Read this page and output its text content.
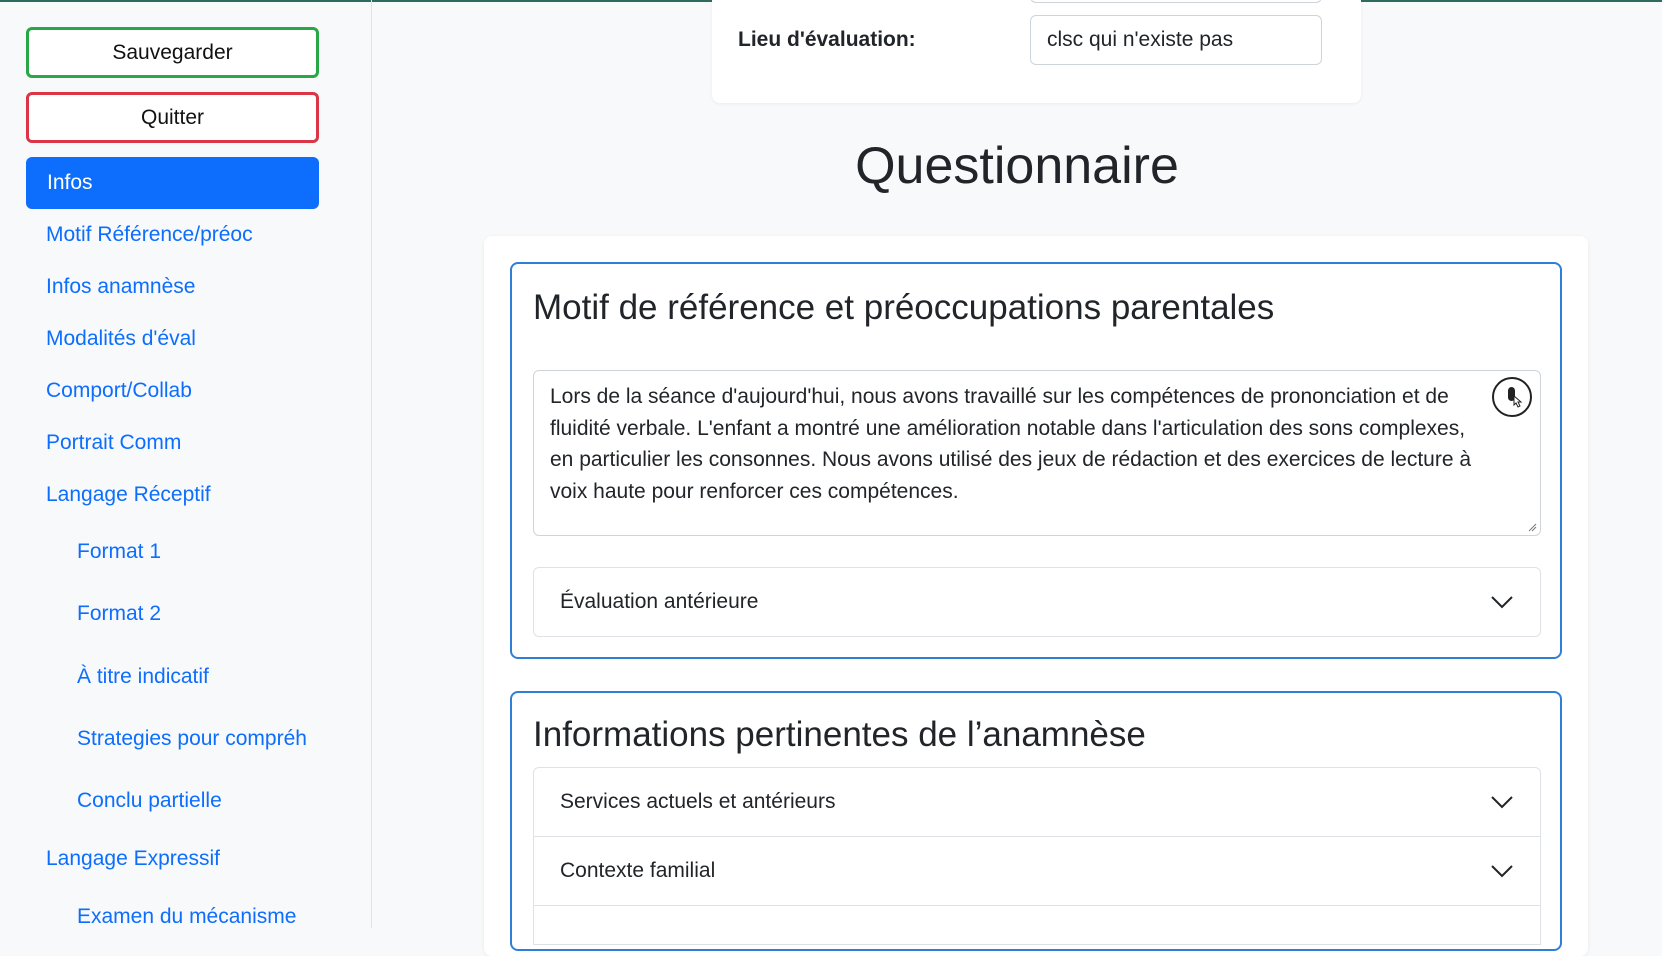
Sauvegarder
Quitter
Infos
Motif Référence/préoc
Infos anamnèse
Modalités d'éval
Comport/Collab
Portrait Comm
Langage Réceptif
Format 1
Format 2
À titre indicatif
Strategies pour compréh
Conclu partielle
Langage Expressif
Examen du mécanisme
Lieu d'évaluation:	clsc qui n'existe pas
Questionnaire
Motif de référence et préoccupations parentales
Lors de la séance d'aujourd'hui, nous avons travaillé sur les compétences de prononciation et de fluidité verbale. L'enfant a montré une amélioration notable dans l'articulation des sons complexes, en particulier les consonnes. Nous avons utilisé des jeux de rédaction et des exercices de lecture à voix haute pour renforcer ces compétences.
Évaluation antérieure
Informations pertinentes de l’anamnèse
Services actuels et antérieurs
Contexte familial
